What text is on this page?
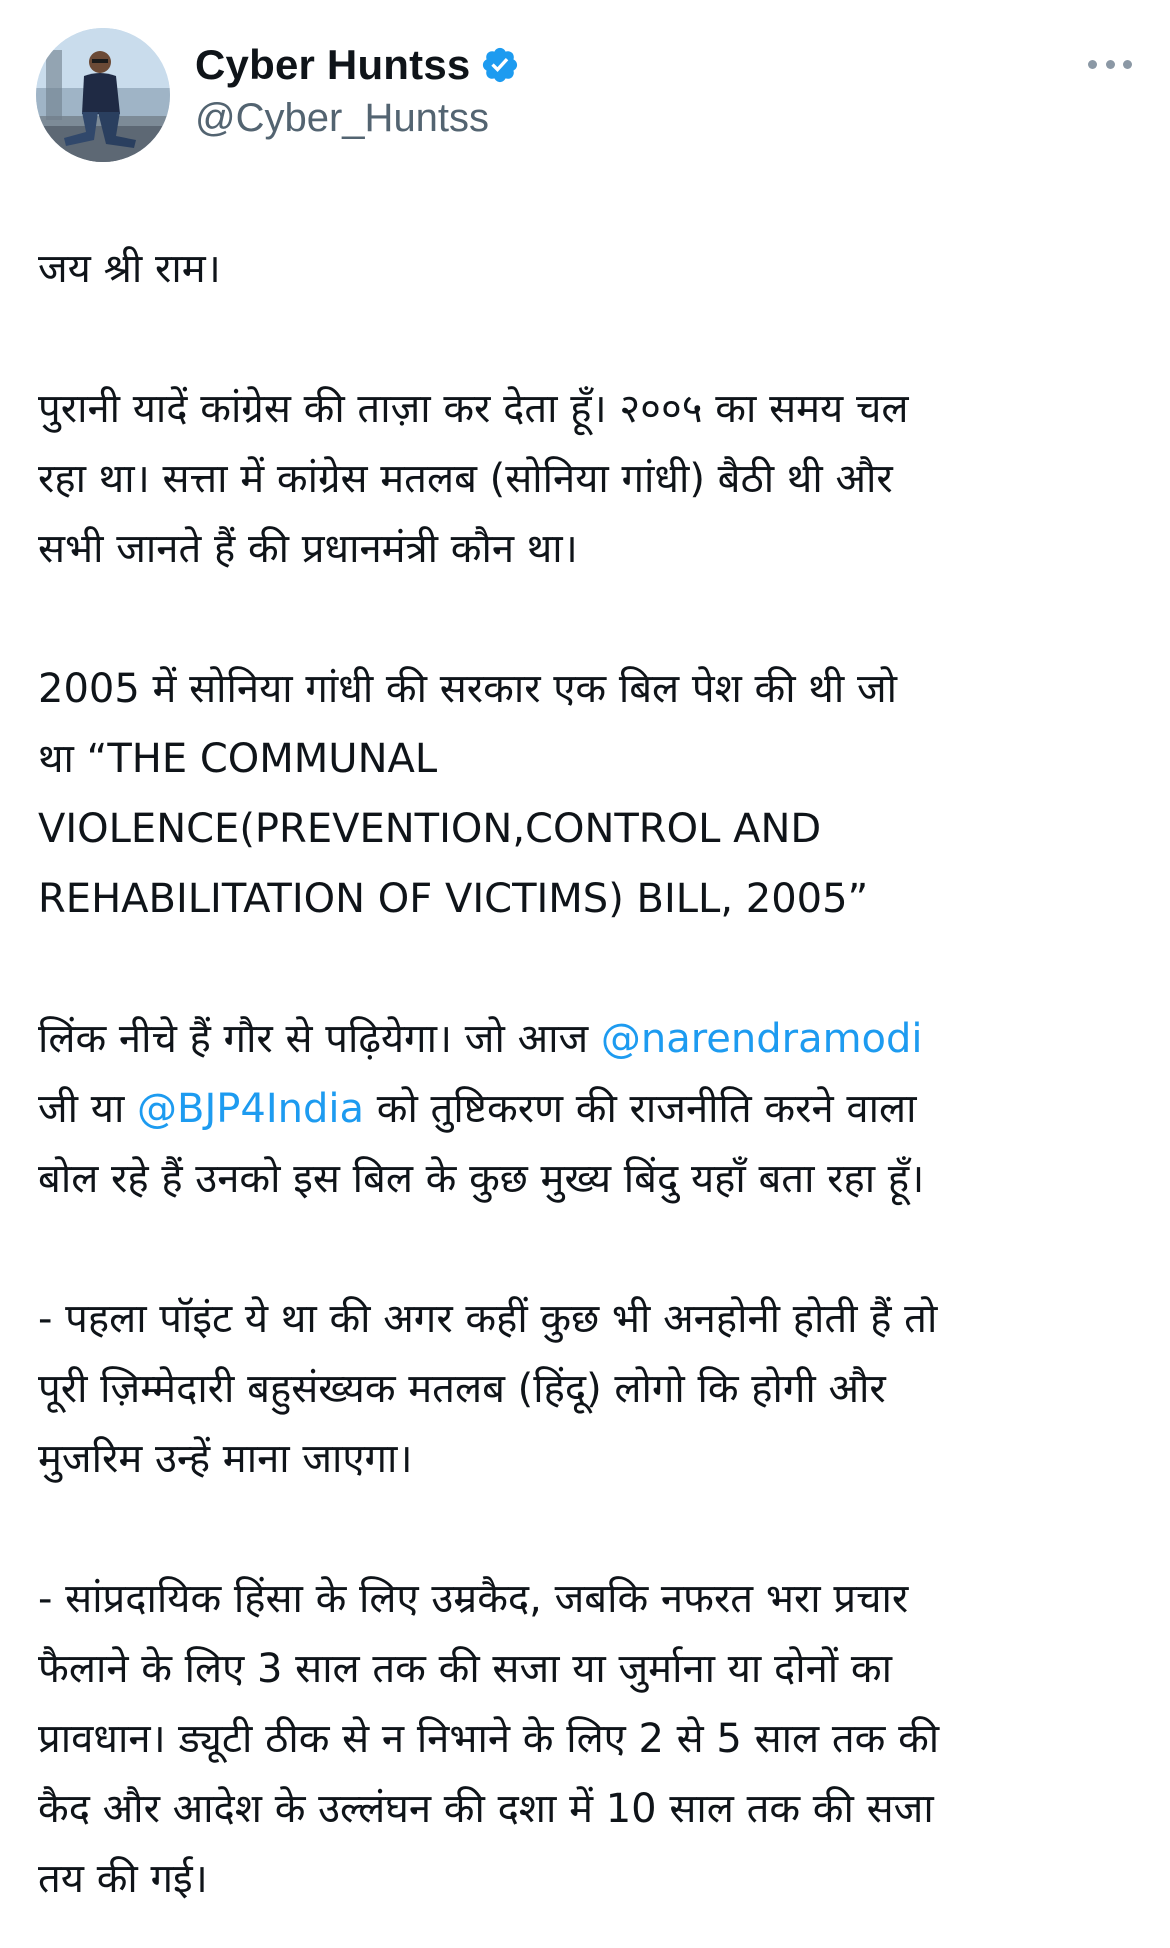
Cyber Huntss
@Cyber_Huntss
जय श्री राम।
पुरानी यादें कांग्रेस की ताज़ा कर देता हूँ। २००५ का समय चल
रहा था। सत्ता में कांग्रेस मतलब (सोनिया गांधी) बैठी थी और
सभी जानते हैं की प्रधानमंत्री कौन था।
2005 में सोनिया गांधी की सरकार एक बिल पेश की थी जो
था “THE COMMUNAL
VIOLENCE(PREVENTION,CONTROL AND
REHABILITATION OF VICTIMS) BILL, 2005”
लिंक नीचे हैं गौर से पढ़ियेगा। जो आज @narendramodi
जी या @BJP4India को तुष्टिकरण की राजनीति करने वाला
बोल रहे हैं उनको इस बिल के कुछ मुख्य बिंदु यहाँ बता रहा हूँ।
- पहला पॉइंट ये था की अगर कहीं कुछ भी अनहोनी होती हैं तो
पूरी ज़िम्मेदारी बहुसंख्यक मतलब (हिंदू) लोगो कि होगी और
मुजरिम उन्हें माना जाएगा।
- सांप्रदायिक हिंसा के लिए उम्रकैद, जबकि नफरत भरा प्रचार
फैलाने के लिए 3 साल तक की सजा या जुर्माना या दोनों का
प्रावधान। ड्यूटी ठीक से न निभाने के लिए 2 से 5 साल तक की
कैद और आदेश के उल्लंघन की दशा में 10 साल तक की सजा
तय की गई।
